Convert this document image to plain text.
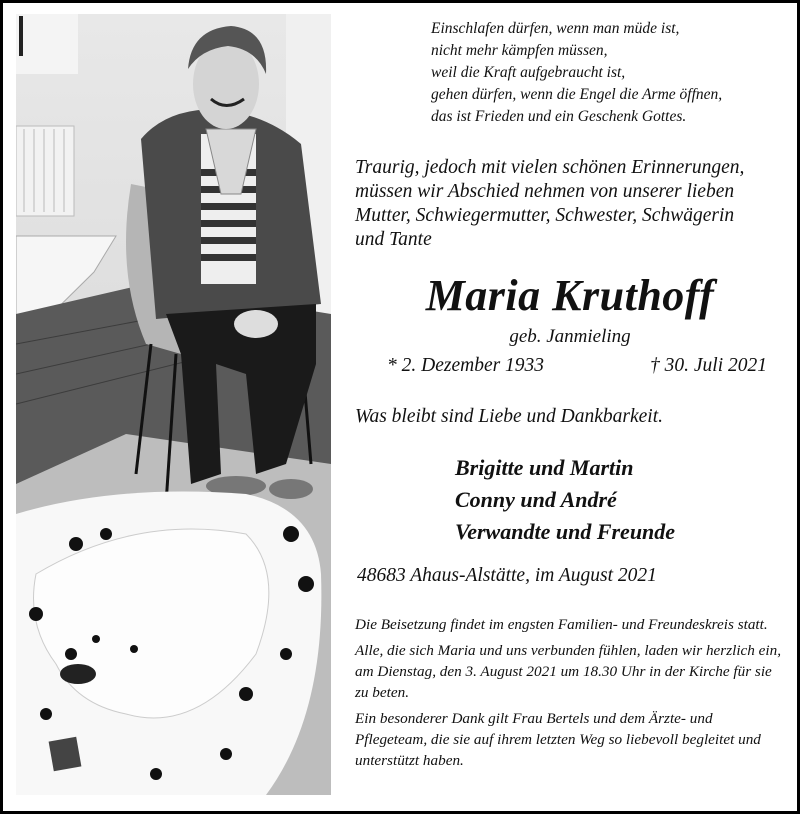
Einschlafen dürfen, wenn man müde ist,
nicht mehr kämpfen müssen,
weil die Kraft aufgebraucht ist,
gehen dürfen, wenn die Engel die Arme öffnen,
das ist Frieden und ein Geschenk Gottes.
Traurig, jedoch mit vielen schönen Erinnerungen,
müssen wir Abschied nehmen von unserer lieben
Mutter, Schwiegermutter, Schwester, Schwägerin
und Tante
Maria Kruthoff
geb. Janmieling
* 2. Dezember 1933	† 30. Juli 2021
Was bleibt sind Liebe und Dankbarkeit.
Brigitte und Martin
Conny und André
Verwandte und Freunde
48683 Ahaus-Alstätte, im August 2021

Die Beisetzung findet im engsten Familien- und Freundeskreis statt.

Alle, die sich Maria und uns verbunden fühlen, laden wir herzlich ein, am Dienstag, den 3. August 2021 um 18.30 Uhr in der Kirche für sie zu beten.

Ein besonderer Dank gilt Frau Bertels und dem Ärzte- und Pflegeteam, die sie auf ihrem letzten Weg so liebevoll begleitet und unterstützt haben.
